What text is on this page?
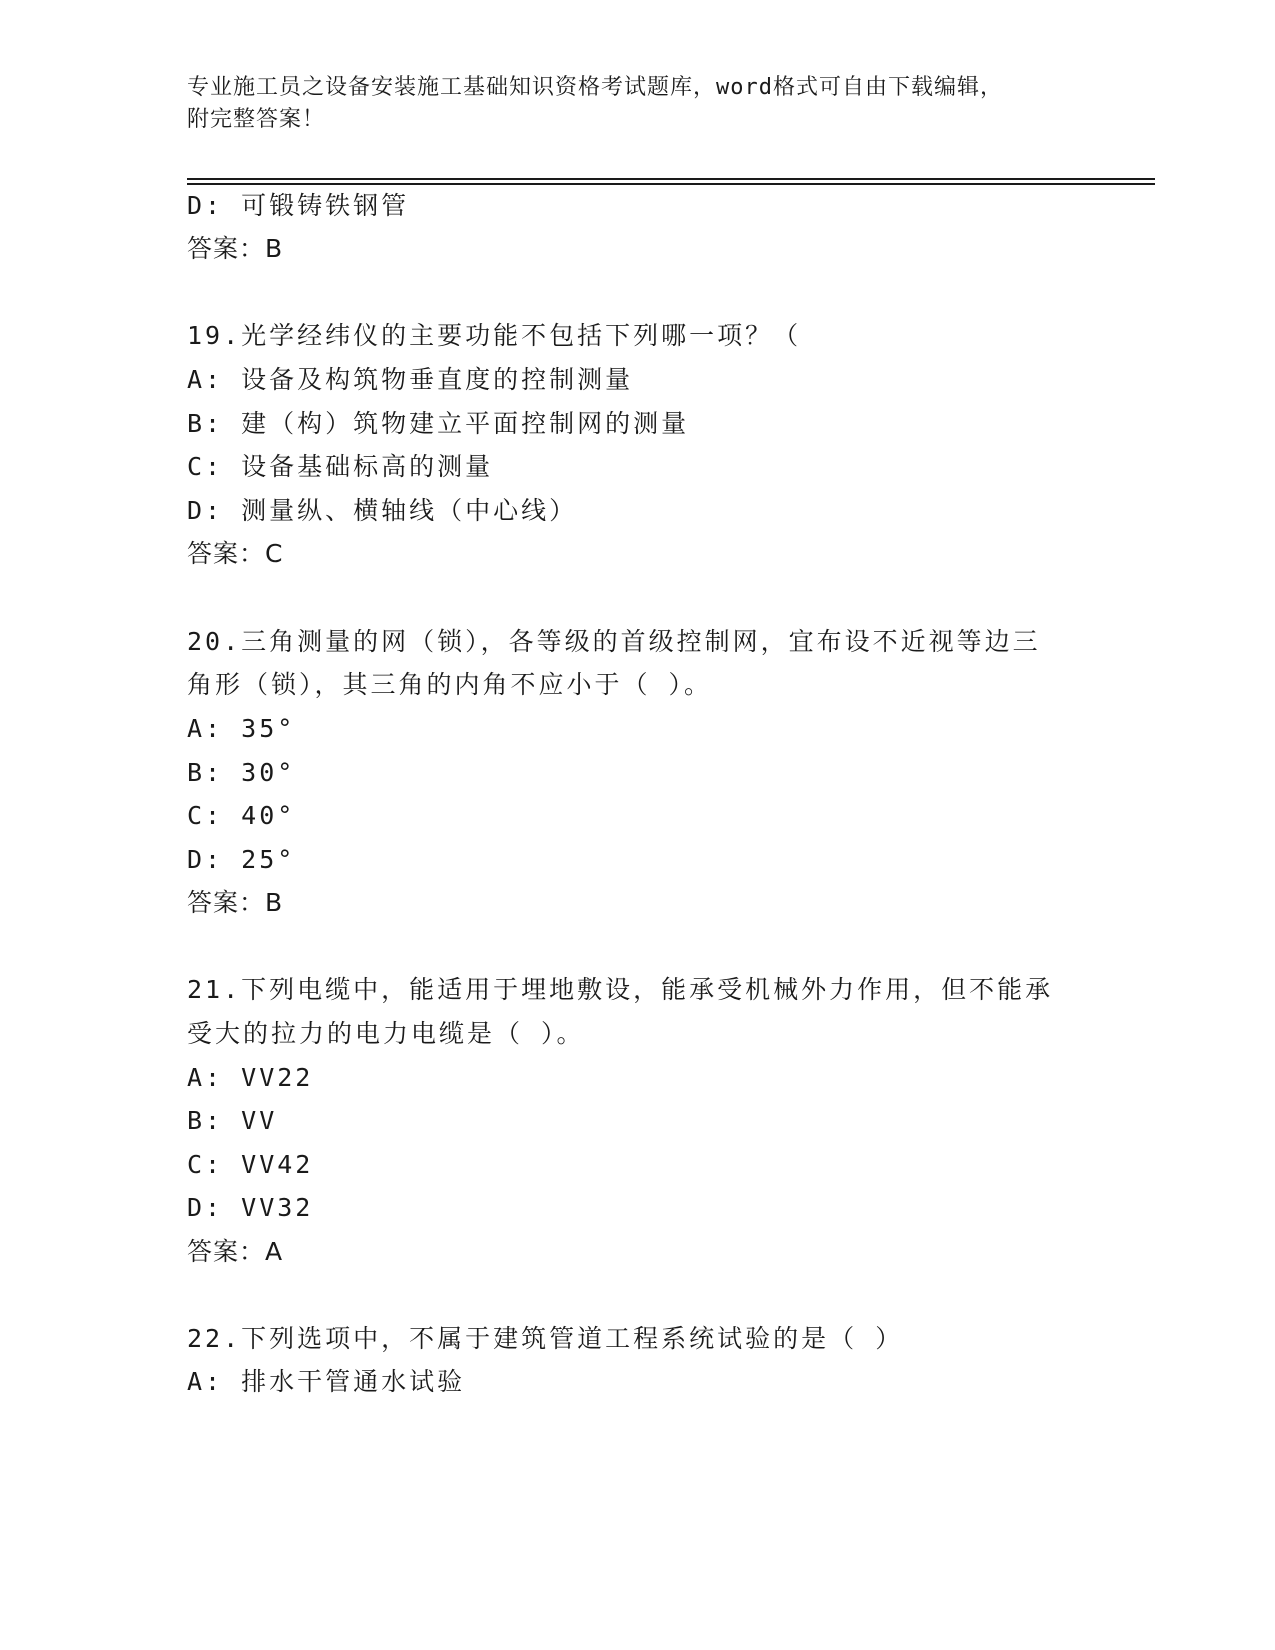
专业施工员之设备安装施工基础知识资格考试题库，word格式可自由下载编辑，
附完整答案！
D: 可锻铸铁钢管
答案：B
19.光学经纬仪的主要功能不包括下列哪一项？（
A: 设备及构筑物垂直度的控制测量
B: 建（构）筑物建立平面控制网的测量
C: 设备基础标高的测量
D: 测量纵、横轴线（中心线）
答案：C
20.三角测量的网（锁），各等级的首级控制网，宜布设不近视等边三
角形（锁），其三角的内角不应小于（ ）。
A: 35°
B: 30°
C: 40°
D: 25°
答案：B
21.下列电缆中，能适用于埋地敷设，能承受机械外力作用，但不能承
受大的拉力的电力电缆是（ ）。
A: VV22
B: VV
C: VV42
D: VV32
答案：A
22.下列选项中，不属于建筑管道工程系统试验的是（ ）
A: 排水干管通水试验
